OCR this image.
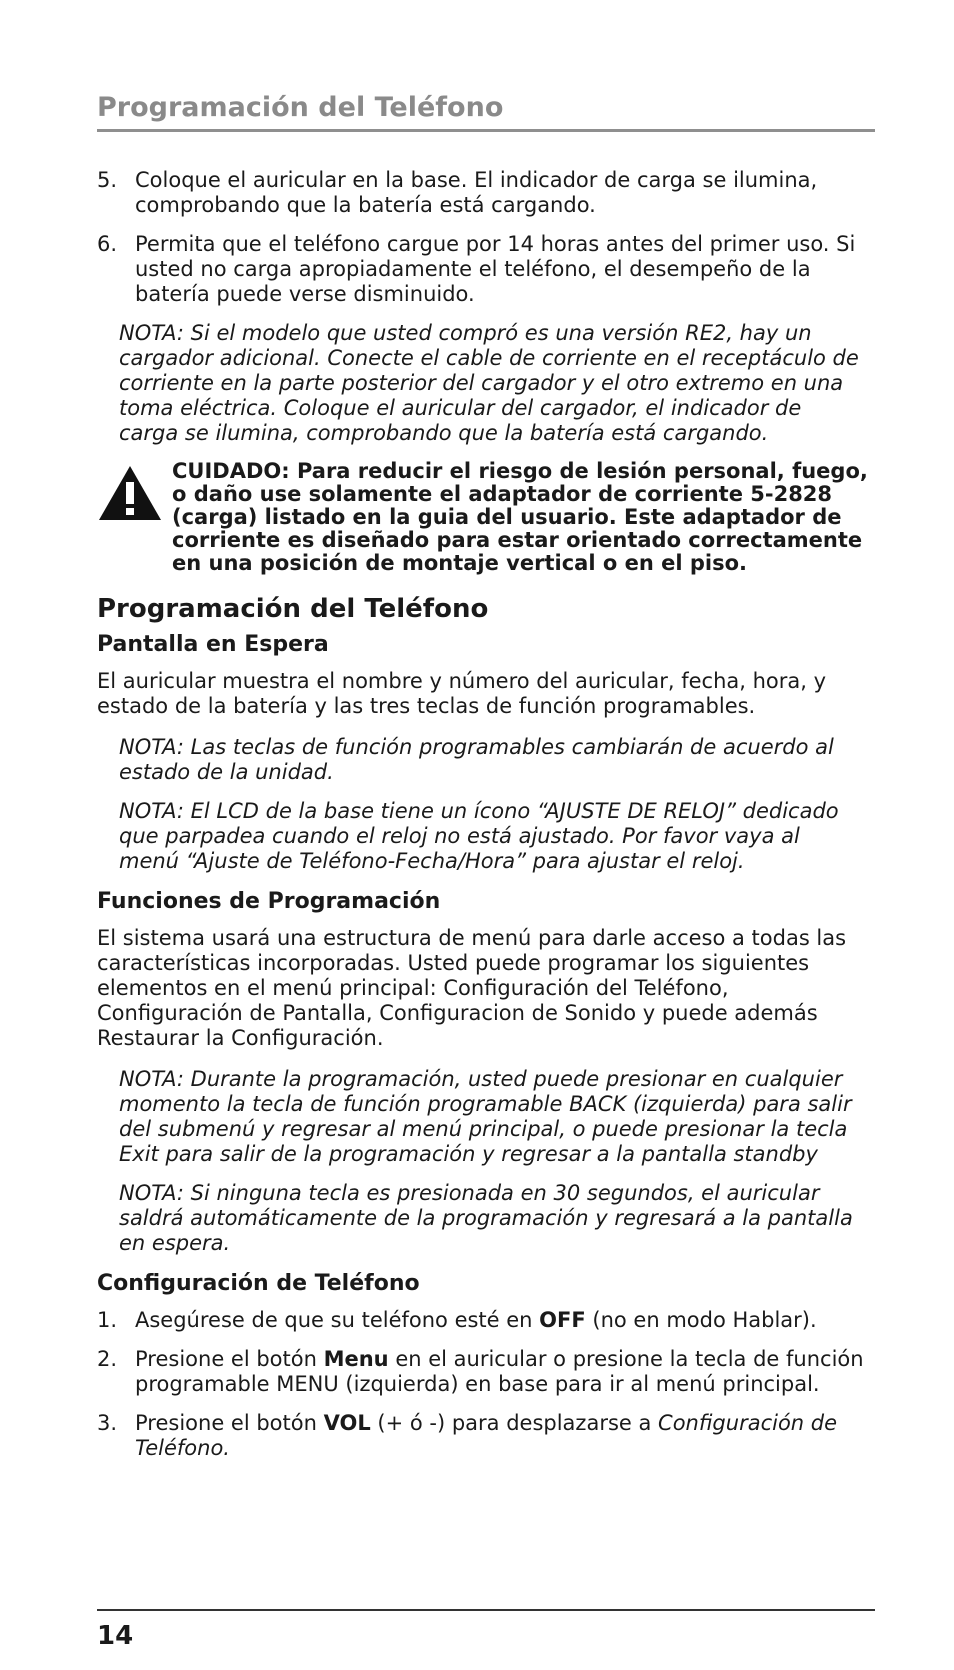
Programación del Teléfono
5. Coloque el auricular en la base. El indicador de carga se ilumina, comprobando que la batería está cargando.
6. Permita que el teléfono cargue por 14 horas antes del primer uso. Si usted no carga apropiadamente el teléfono, el desempeño de la batería puede verse disminuido.
NOTA: Si el modelo que usted compró es una versión RE2, hay un cargador adicional. Conecte el cable de corriente en el receptáculo de corriente en la parte posterior del cargador y el otro extremo en una toma eléctrica. Coloque el auricular del cargador, el indicador de carga se ilumina, comprobando que la batería está cargando.
CUIDADO: Para reducir el riesgo de lesión personal, fuego, o daño use solamente el adaptador de corriente 5-2828 (carga) listado en la guia del usuario. Este adaptador de corriente es diseñado para estar orientado correctamente en una posición de montaje vertical o en el piso.
Programación del Teléfono
Pantalla en Espera

El auricular muestra el nombre y número del auricular, fecha, hora, y estado de la batería y las tres teclas de función programables.

NOTA: Las teclas de función programables cambiarán de acuerdo al estado de la unidad.
NOTA: El LCD de la base tiene un ícono “AJUSTE DE RELOJ” dedicado que parpadea cuando el reloj no está ajustado. Por favor vaya al menú “Ajuste de Teléfono-Fecha/Hora” para ajustar el reloj.
Funciones de Programación

El sistema usará una estructura de menú para darle acceso a todas las características incorporadas. Usted puede programar los siguientes elementos en el menú principal: Configuración del Teléfono, Configuración de Pantalla, Configuracion de Sonido y puede además Restaurar la Configuración.

NOTA: Durante la programación, usted puede presionar en cualquier momento la tecla de función programable BACK (izquierda) para salir del submenú y regresar al menú principal, o puede presionar la tecla Exit para salir de la programación y regresar a la pantalla standby
NOTA: Si ninguna tecla es presionada en 30 segundos, el auricular saldrá automáticamente de la programación y regresará a la pantalla en espera.
Configuración de Teléfono
1. Asegúrese de que su teléfono esté en OFF (no en modo Hablar).
2. Presione el botón Menu en el auricular o presione la tecla de función programable MENU (izquierda) en base para ir al menú principal.
3. Presione el botón VOL (+ ó -) para desplazarse a Configuración de Teléfono.
14
